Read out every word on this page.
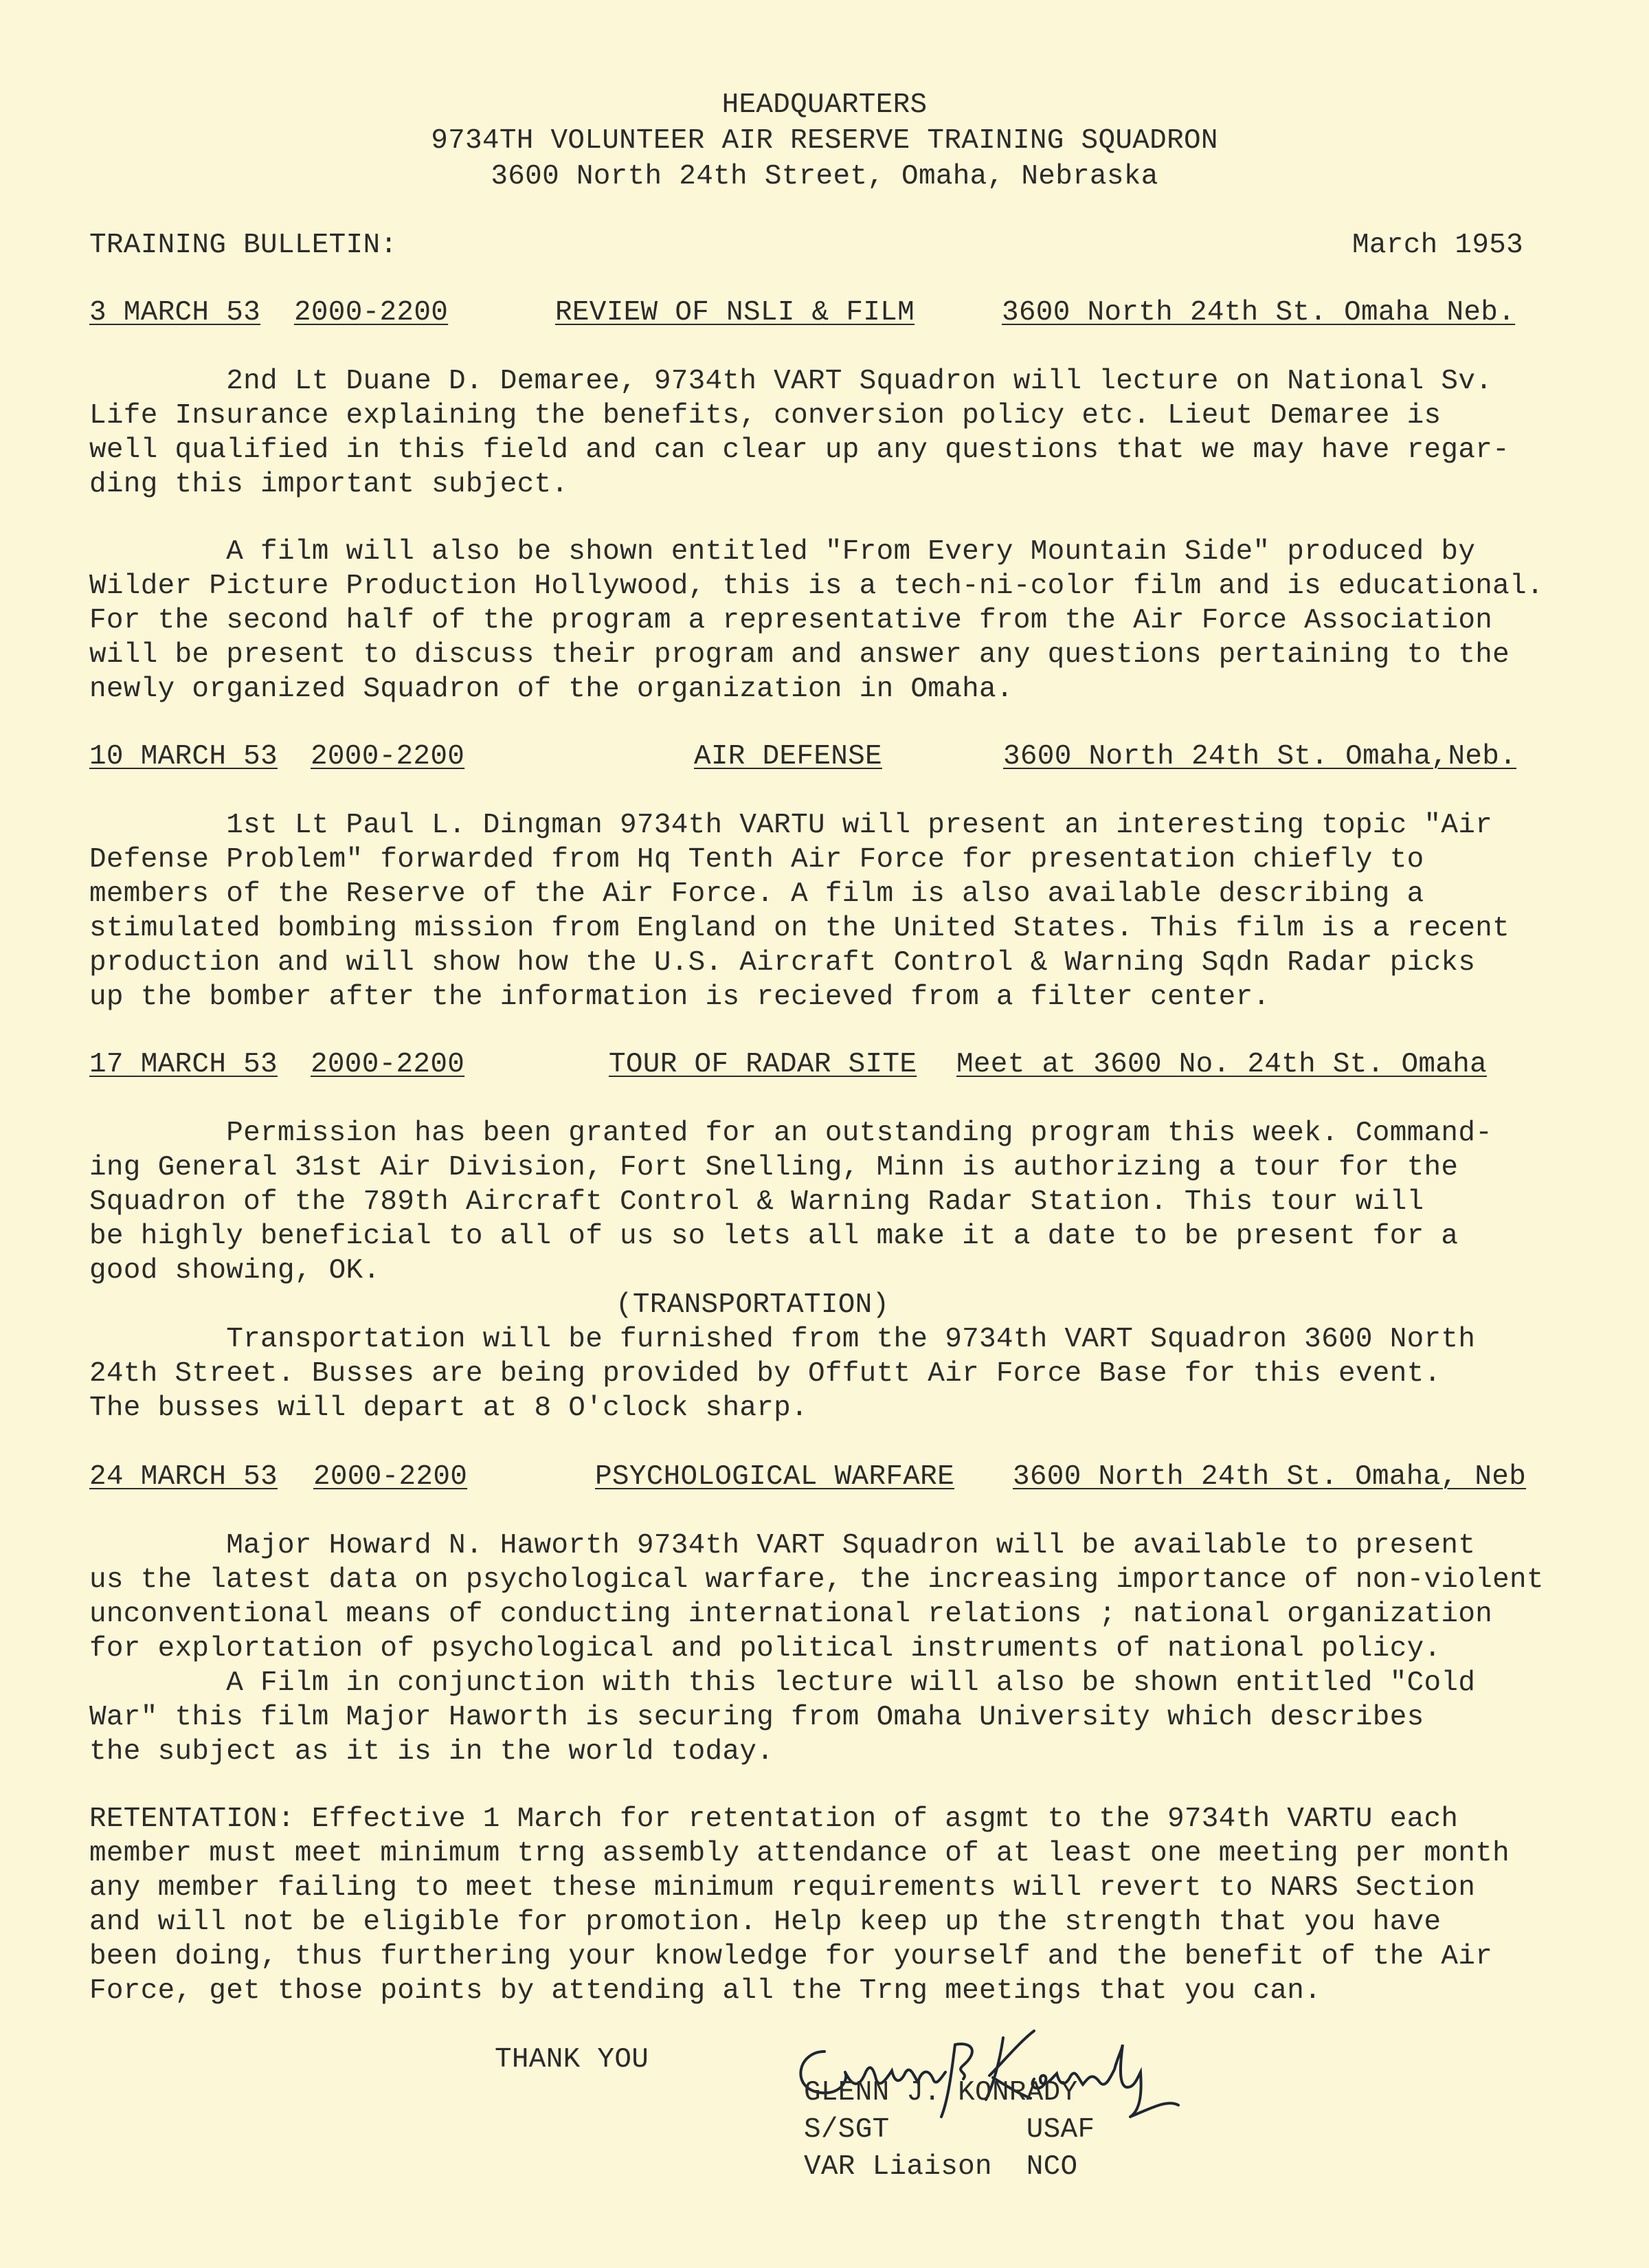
HEADQUARTERS
9734TH VOLUNTEER AIR RESERVE TRAINING SQUADRON
3600 North 24th Street, Omaha, Nebraska
TRAINING BULLETIN:	March 1953
3 MARCH 53 2000-2200	REVIEW OF NSLI & FILM	3600 North 24th St. Omaha Neb.
2nd Lt Duane D. Demaree, 9734th VART Squadron will lecture on National Sv.
Life Insurance explaining the benefits, conversion policy etc. Lieut Demaree is
well qualified in this field and can clear up any questions that we may have regar-
ding this important subject.
A film will also be shown entitled "From Every Mountain Side" produced by
Wilder Picture Production Hollywood, this is a tech-ni-color film and is educational.
For the second half of the program a representative from the Air Force Association
will be present to discuss their program and answer any questions pertaining to the
newly organized Squadron of the organization in Omaha.
10 MARCH 53 2000-2200	AIR DEFENSE	3600 North 24th St. Omaha,Neb.
1st Lt Paul L. Dingman 9734th VARTU will present an interesting topic "Air
Defense Problem" forwarded from Hq Tenth Air Force for presentation chiefly to
members of the Reserve of the Air Force. A film is also available describing a
stimulated bombing mission from England on the United States. This film is a recent
production and will show how the U.S. Aircraft Control & Warning Sqdn Radar picks
up the bomber after the information is recieved from a filter center.
17 MARCH 53 2000-2200	TOUR OF RADAR SITE Meet at 3600 No. 24th St. Omaha
Permission has been granted for an outstanding program this week. Command-
ing General 31st Air Division, Fort Snelling, Minn is authorizing a tour for the
Squadron of the 789th Aircraft Control & Warning Radar Station. This tour will
be highly beneficial to all of us so lets all make it a date to be present for a
good showing, OK.
(TRANSPORTATION)
Transportation will be furnished from the 9734th VART Squadron 3600 North
24th Street. Busses are being provided by Offutt Air Force Base for this event.
The busses will depart at 8 O'clock sharp.
24 MARCH 53 2000-2200	PSYCHOLOGICAL WARFARE 3600 North 24th St. Omaha, Neb
Major Howard N. Haworth 9734th VART Squadron will be available to present
us the latest data on psychological warfare, the increasing importance of non-violent
unconventional means of conducting international relations ; national organization
for explortation of psychological and political instruments of national policy.
A Film in conjunction with this lecture will also be shown entitled "Cold
War" this film Major Haworth is securing from Omaha University which describes
the subject as it is in the world today.
RETENTATION: Effective 1 March for retentation of asgmt to the 9734th VARTU each
member must meet minimum trng assembly attendance of at least one meeting per month
any member failing to meet these minimum requirements will revert to NARS Section
and will not be eligible for promotion. Help keep up the strength that you have
been doing, thus furthering your knowledge for yourself and the benefit of the Air
Force, get those points by attending all the Trng meetings that you can.
THANK YOU
GLENN J. KONRADY
S/SGT        USAF
VAR Liaison  NCO
